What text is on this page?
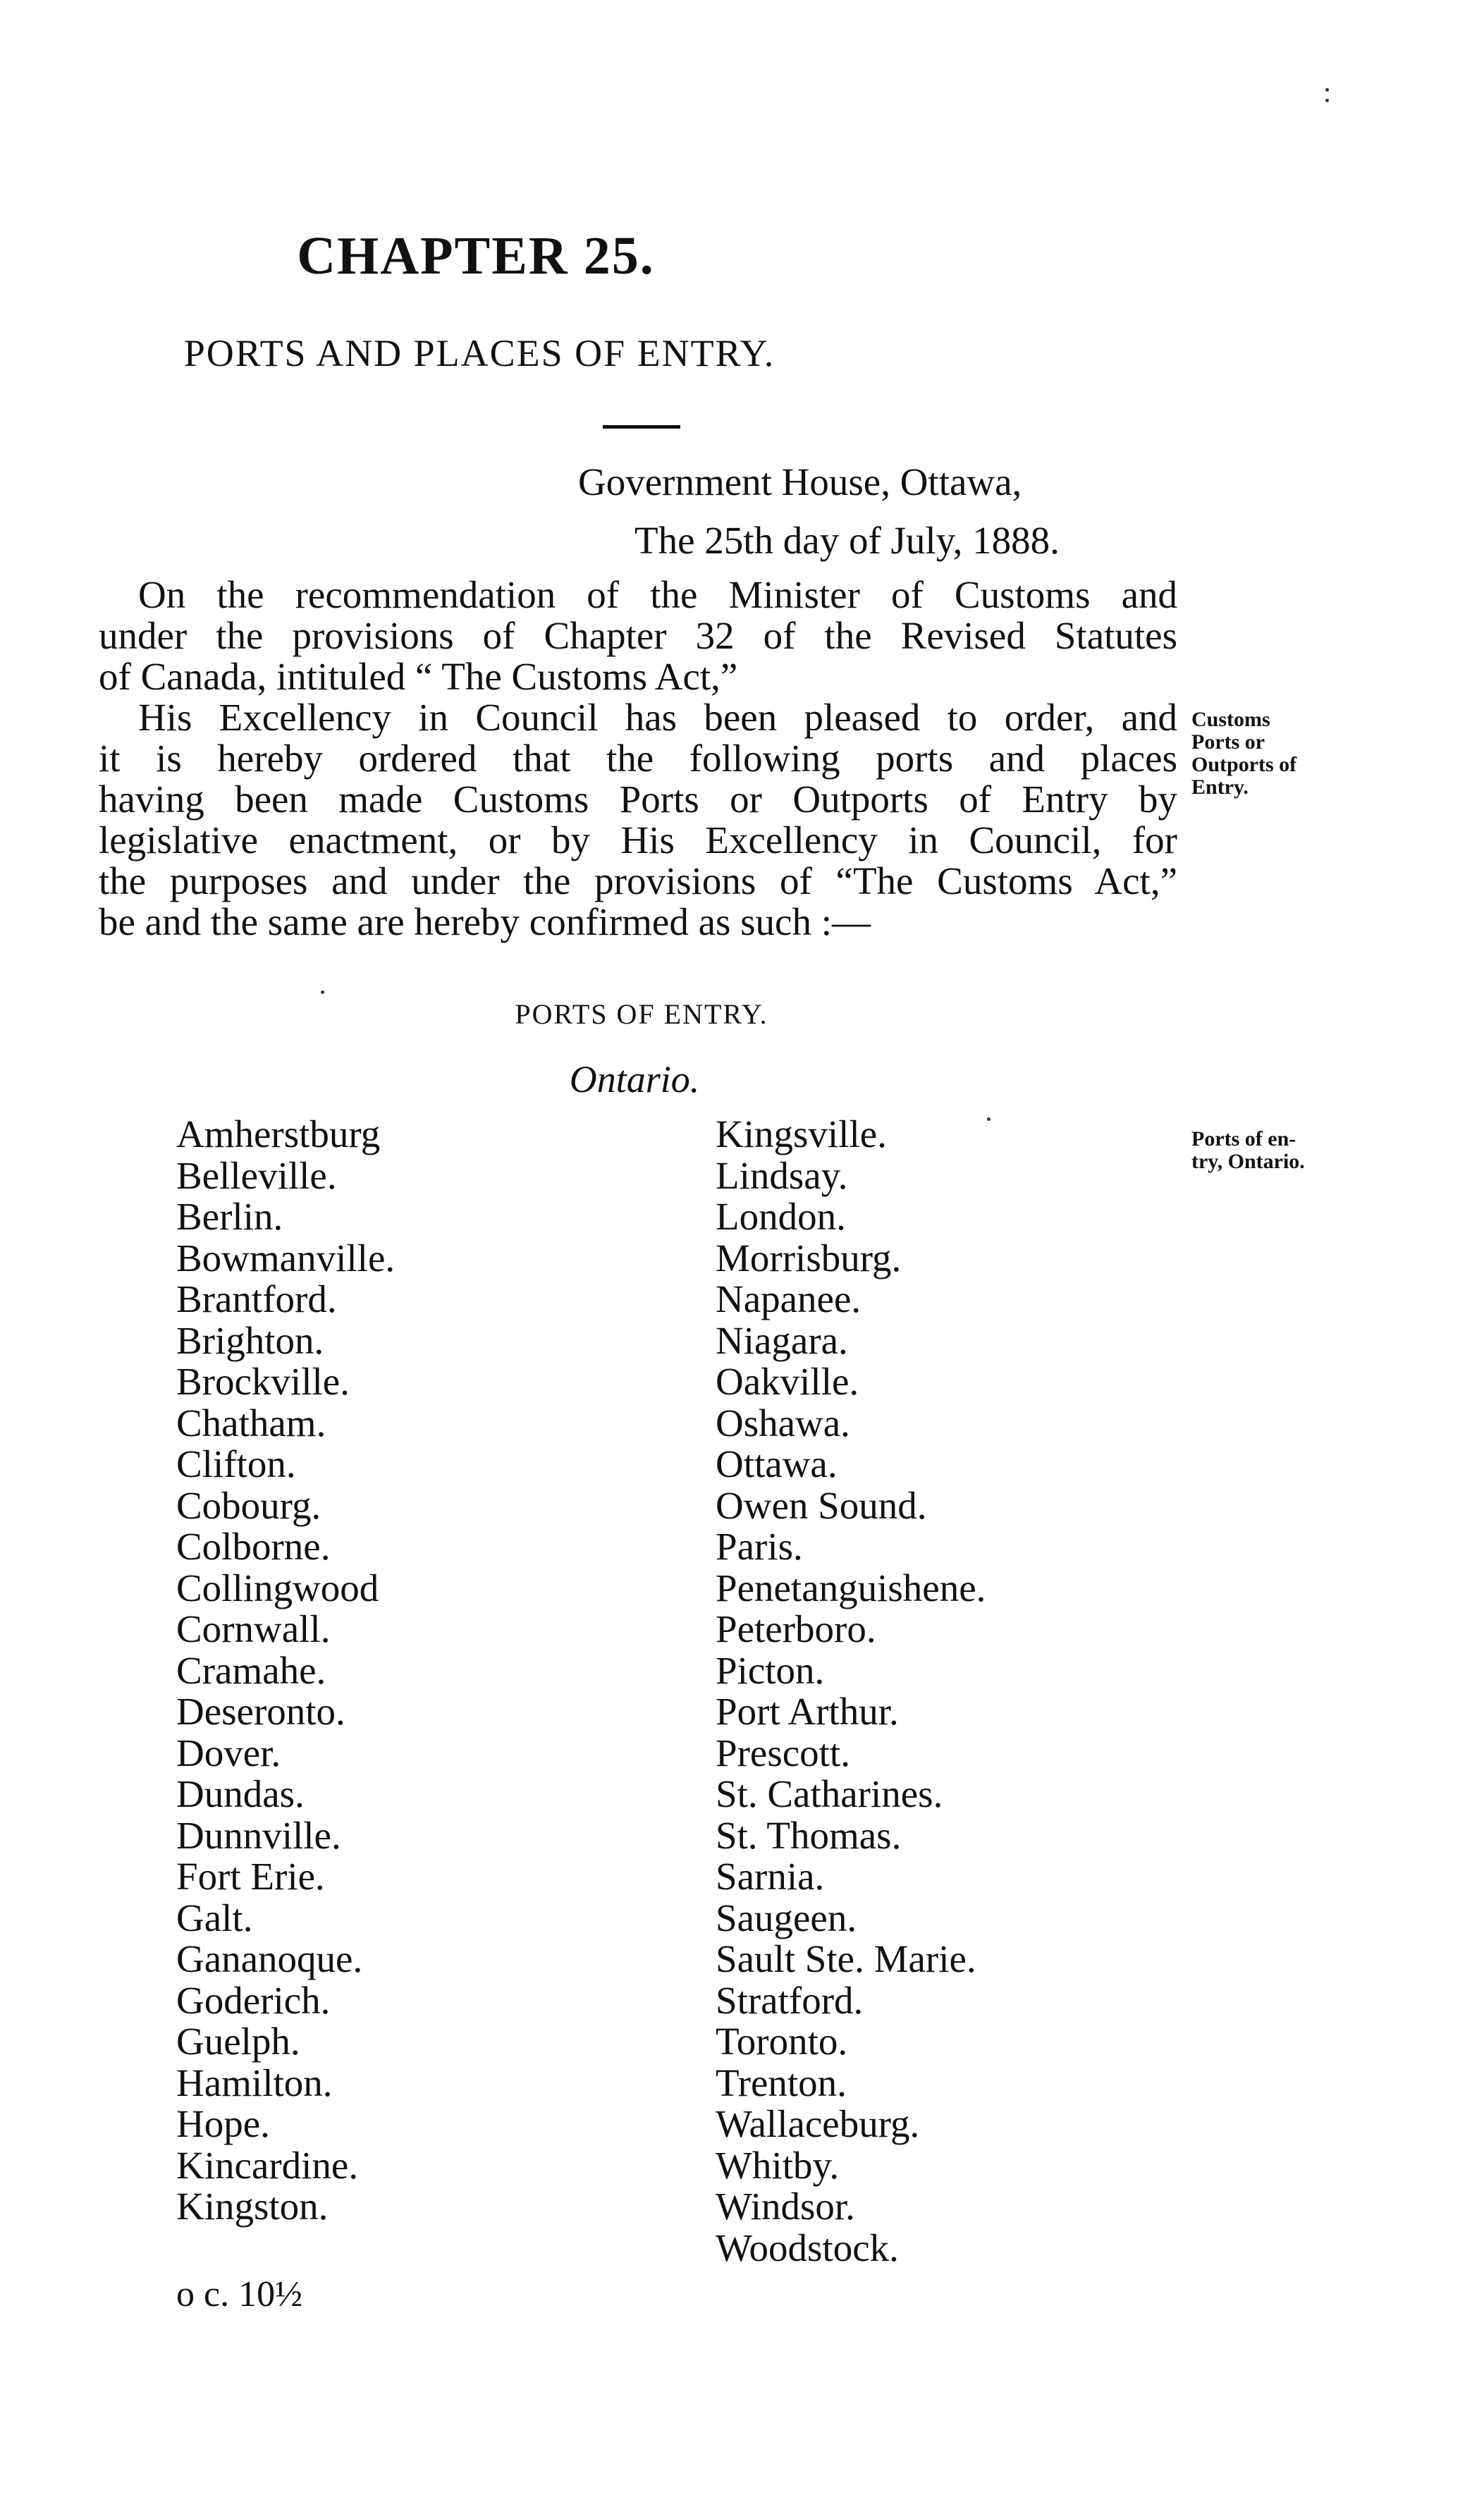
CHAPTER 25.
PORTS AND PLACES OF ENTRY.

Government House, Ottawa,

The 25th day of July, 1888.

On the recommendation of the Minister of Customs and
under the provisions of Chapter 32 of the Revised Statutes
of Canada, intituled “ The Customs Act,”
His Excellency in Council has been pleased to order, and
it is hereby ordered that the following ports and places
having been made Customs Ports or Outports of Entry by
legislative enactment, or by His Excellency in Council, for
the purposes and under the provisions of “The Customs Act,”
be and the same are hereby confirmed as such :—
Customs
Ports or
Outports of
Entry.

PORTS OF ENTRY.

Ontario.

Amherstburg
Belleville.
Berlin.
Bowmanville.
Brantford.
Brighton.
Brockville.
Chatham.
Clifton.
Cobourg.
Colborne.
Collingwood
Cornwall.
Cramahe.
Deseronto.
Dover.
Dundas.
Dunnville.
Fort Erie.
Galt.
Gananoque.
Goderich.
Guelph.
Hamilton.
Hope.
Kincardine.
Kingston.
Kingsville.
Lindsay.
London.
Morrisburg.
Napanee.
Niagara.
Oakville.
Oshawa.
Ottawa.
Owen Sound.
Paris.
Penetanguishene.
Peterboro.
Picton.
Port Arthur.
Prescott.
St. Catharines.
St. Thomas.
Sarnia.
Saugeen.
Sault Ste. Marie.
Stratford.
Toronto.
Trenton.
Wallaceburg.
Whitby.
Windsor.
Woodstock.
Ports of en-
try, Ontario.

o c. 10½
